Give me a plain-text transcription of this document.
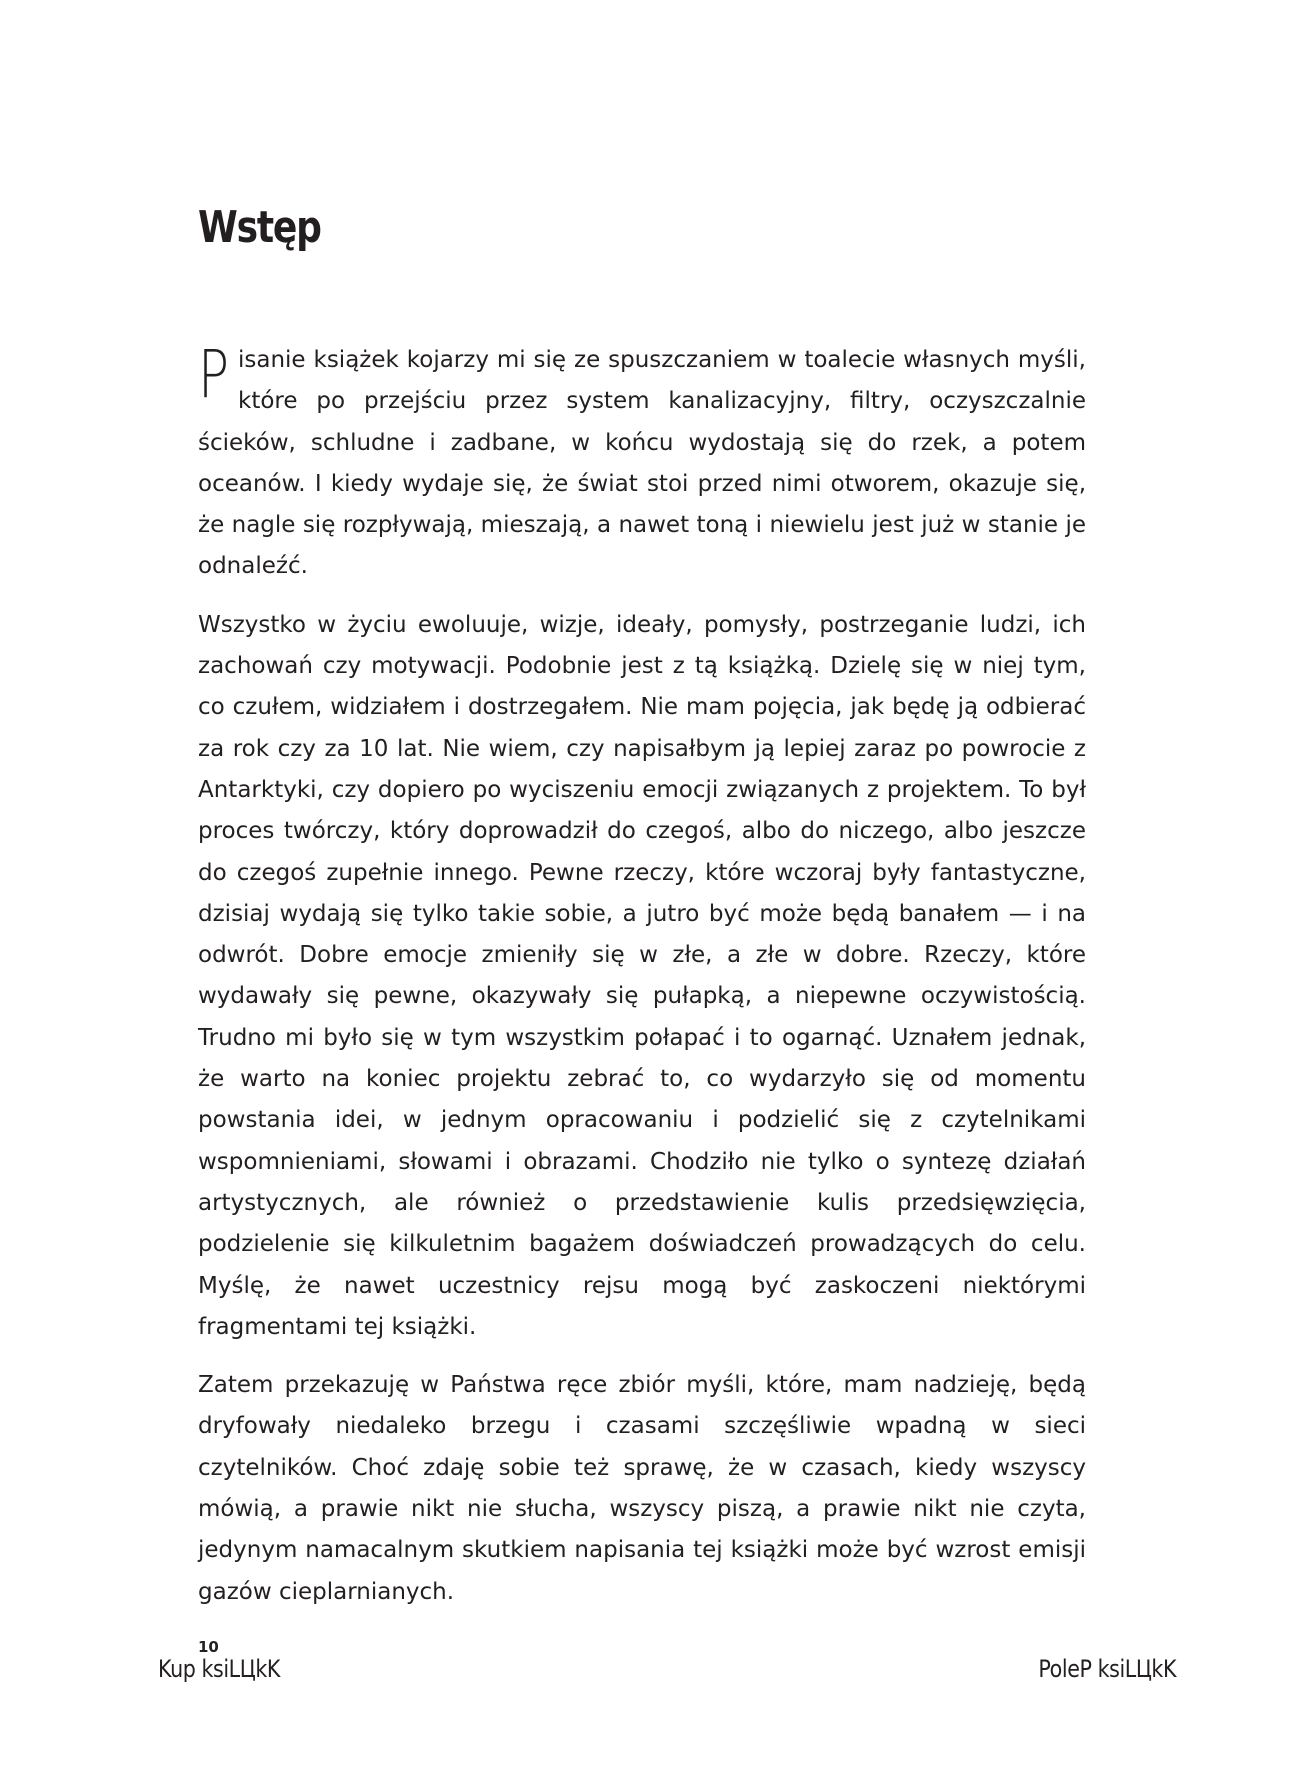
Wstęp

Pisanie książek kojarzy mi się ze spuszczaniem w toalecie własnych myśli, które po przejściu przez system kanalizacyjny, filtry, oczyszczalnie ścieków, schludne i zadbane, w końcu wydostają się do rzek, a potem oceanów. I kiedy wydaje się, że świat stoi przed nimi otworem, okazuje się, że nagle się rozpływają, mieszają, a nawet toną i niewielu jest już w stanie je odnaleźć.

Wszystko w życiu ewoluuje, wizje, ideały, pomysły, postrzeganie ludzi, ich zachowań czy motywacji. Podobnie jest z tą książką. Dzielę się w niej tym, co czułem, widziałem i dostrzegałem. Nie mam pojęcia, jak będę ją odbierać za rok czy za 10 lat. Nie wiem, czy napisałbym ją lepiej zaraz po powrocie z Antarktyki, czy dopiero po wyciszeniu emocji związanych z projektem. To był proces twórczy, który doprowadził do czegoś, albo do niczego, albo jeszcze do czegoś zupełnie innego. Pewne rzeczy, które wczoraj były fantastyczne, dzisiaj wydają się tylko takie sobie, a jutro być może będą banałem — i na odwrót. Dobre emocje zmieniły się w złe, a złe w dobre. Rzeczy, które wydawały się pewne, okazywały się pułapką, a niepewne oczywistością. Trudno mi było się w tym wszystkim połapać i to ogarnąć. Uznałem jednak, że warto na koniec projektu zebrać to, co wydarzyło się od momentu powstania idei, w jednym opracowaniu i podzielić się z czytelnikami wspomnieniami, słowami i obrazami. Chodziło nie tylko o syntezę działań artystycznych, ale również o przedstawienie kulis przedsięwzięcia, podzielenie się kilkuletnim bagażem doświadczeń prowadzących do celu. Myślę, że nawet uczestnicy rejsu mogą być zaskoczeni niektórymi fragmentami tej książki.

Zatem przekazuję w Państwa ręce zbiór myśli, które, mam nadzieję, będą dryfowały niedaleko brzegu i czasami szczęśliwie wpadną w sieci czytelników. Choć zdaję sobie też sprawę, że w czasach, kiedy wszyscy mówią, a prawie nikt nie słucha, wszyscy piszą, a prawie nikt nie czyta, jedynym namacalnym skutkiem napisania tej książki może być wzrost emisji gazów cieplarnianych.

10
Kup ksiLЦkK	PoleP ksiLЦkK
